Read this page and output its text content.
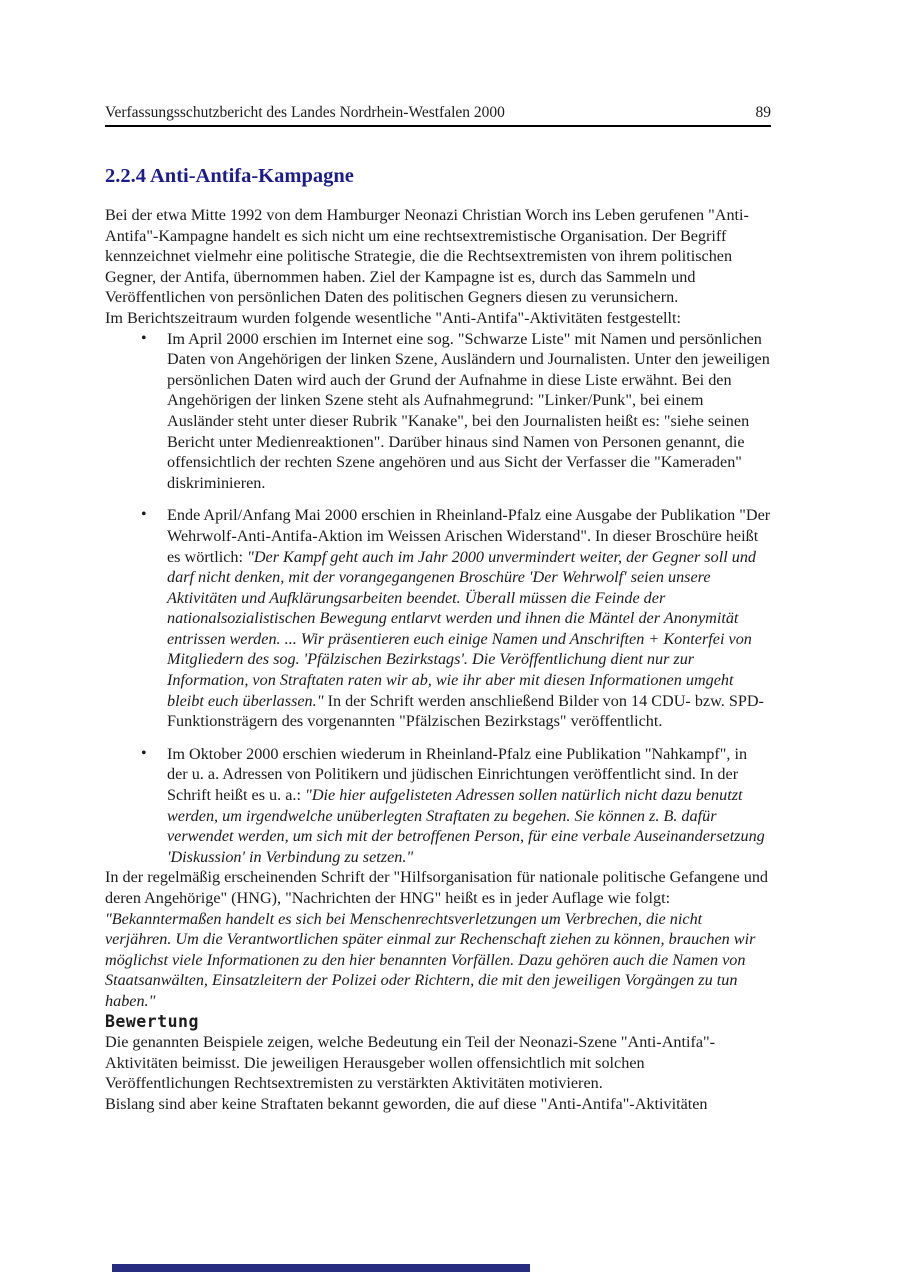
Verfassungsschutzbericht des Landes Nordrhein-Westfalen 2000	89
2.2.4 Anti-Antifa-Kampagne

Bei der etwa Mitte 1992 von dem Hamburger Neonazi Christian Worch ins Leben gerufenen "Anti-Antifa"-Kampagne handelt es sich nicht um eine rechtsextremistische Organisation. Der Begriff kennzeichnet vielmehr eine politische Strategie, die die Rechtsextremisten von ihrem politischen Gegner, der Antifa, übernommen haben. Ziel der Kampagne ist es, durch das Sammeln und Veröffentlichen von persönlichen Daten des politischen Gegners diesen zu verunsichern.

Im Berichtszeitraum wurden folgende wesentliche "Anti-Antifa"-Aktivitäten festgestellt:

• Im April 2000 erschien im Internet eine sog. "Schwarze Liste" mit Namen und persönlichen Daten von Angehörigen der linken Szene, Ausländern und Journalisten. Unter den jeweiligen persönlichen Daten wird auch der Grund der Aufnahme in diese Liste erwähnt. Bei den Angehörigen der linken Szene steht als Aufnahmegrund: "Linker/Punk", bei einem Ausländer steht unter dieser Rubrik "Kanake", bei den Journalisten heißt es: "siehe seinen Bericht unter Medienreaktionen". Darüber hinaus sind Namen von Personen genannt, die offensichtlich der rechten Szene angehören und aus Sicht der Verfasser die "Kameraden" diskriminieren.
• Ende April/Anfang Mai 2000 erschien in Rheinland-Pfalz eine Ausgabe der Publikation "Der Wehrwolf-Anti-Antifa-Aktion im Weissen Arischen Widerstand". In dieser Broschüre heißt es wörtlich: "Der Kampf geht auch im Jahr 2000 unvermindert weiter, der Gegner soll und darf nicht denken, mit der vorangegangenen Broschüre 'Der Wehrwolf' seien unsere Aktivitäten und Aufklärungsarbeiten beendet. Überall müssen die Feinde der nationalsozialistischen Bewegung entlarvt werden und ihnen die Mäntel der Anonymität entrissen werden. ... Wir präsentieren euch einige Namen und Anschriften + Konterfei von Mitgliedern des sog. 'Pfälzischen Bezirkstags'. Die Veröffentlichung dient nur zur Information, von Straftaten raten wir ab, wie ihr aber mit diesen Informationen umgeht bleibt euch überlassen." In der Schrift werden anschließend Bilder von 14 CDU- bzw. SPD-Funktionsträgern des vorgenannten "Pfälzischen Bezirkstags" veröffentlicht.
• Im Oktober 2000 erschien wiederum in Rheinland-Pfalz eine Publikation "Nahkampf", in der u. a. Adressen von Politikern und jüdischen Einrichtungen veröffentlicht sind. In der Schrift heißt es u. a.: "Die hier aufgelisteten Adressen sollen natürlich nicht dazu benutzt werden, um irgendwelche unüberlegten Straftaten zu begehen. Sie können z. B. dafür verwendet werden, um sich mit der betroffenen Person, für eine verbale Auseinandersetzung 'Diskussion' in Verbindung zu setzen."

In der regelmäßig erscheinenden Schrift der "Hilfsorganisation für nationale politische Gefangene und deren Angehörige" (HNG), "Nachrichten der HNG" heißt es in jeder Auflage wie folgt: "Bekanntermaßen handelt es sich bei Menschenrechtsverletzungen um Verbrechen, die nicht verjähren. Um die Verantwortlichen später einmal zur Rechenschaft ziehen zu können, brauchen wir möglichst viele Informationen zu den hier benannten Vorfällen. Dazu gehören auch die Namen von Staatsanwälten, Einsatzleitern der Polizei oder Richtern, die mit den jeweiligen Vorgängen zu tun haben."

Bewertung

Die genannten Beispiele zeigen, welche Bedeutung ein Teil der Neonazi-Szene "Anti-Antifa"-Aktivitäten beimisst. Die jeweiligen Herausgeber wollen offensichtlich mit solchen Veröffentlichungen Rechtsextremisten zu verstärkten Aktivitäten motivieren.

Bislang sind aber keine Straftaten bekannt geworden, die auf diese "Anti-Antifa"-Aktivitäten
